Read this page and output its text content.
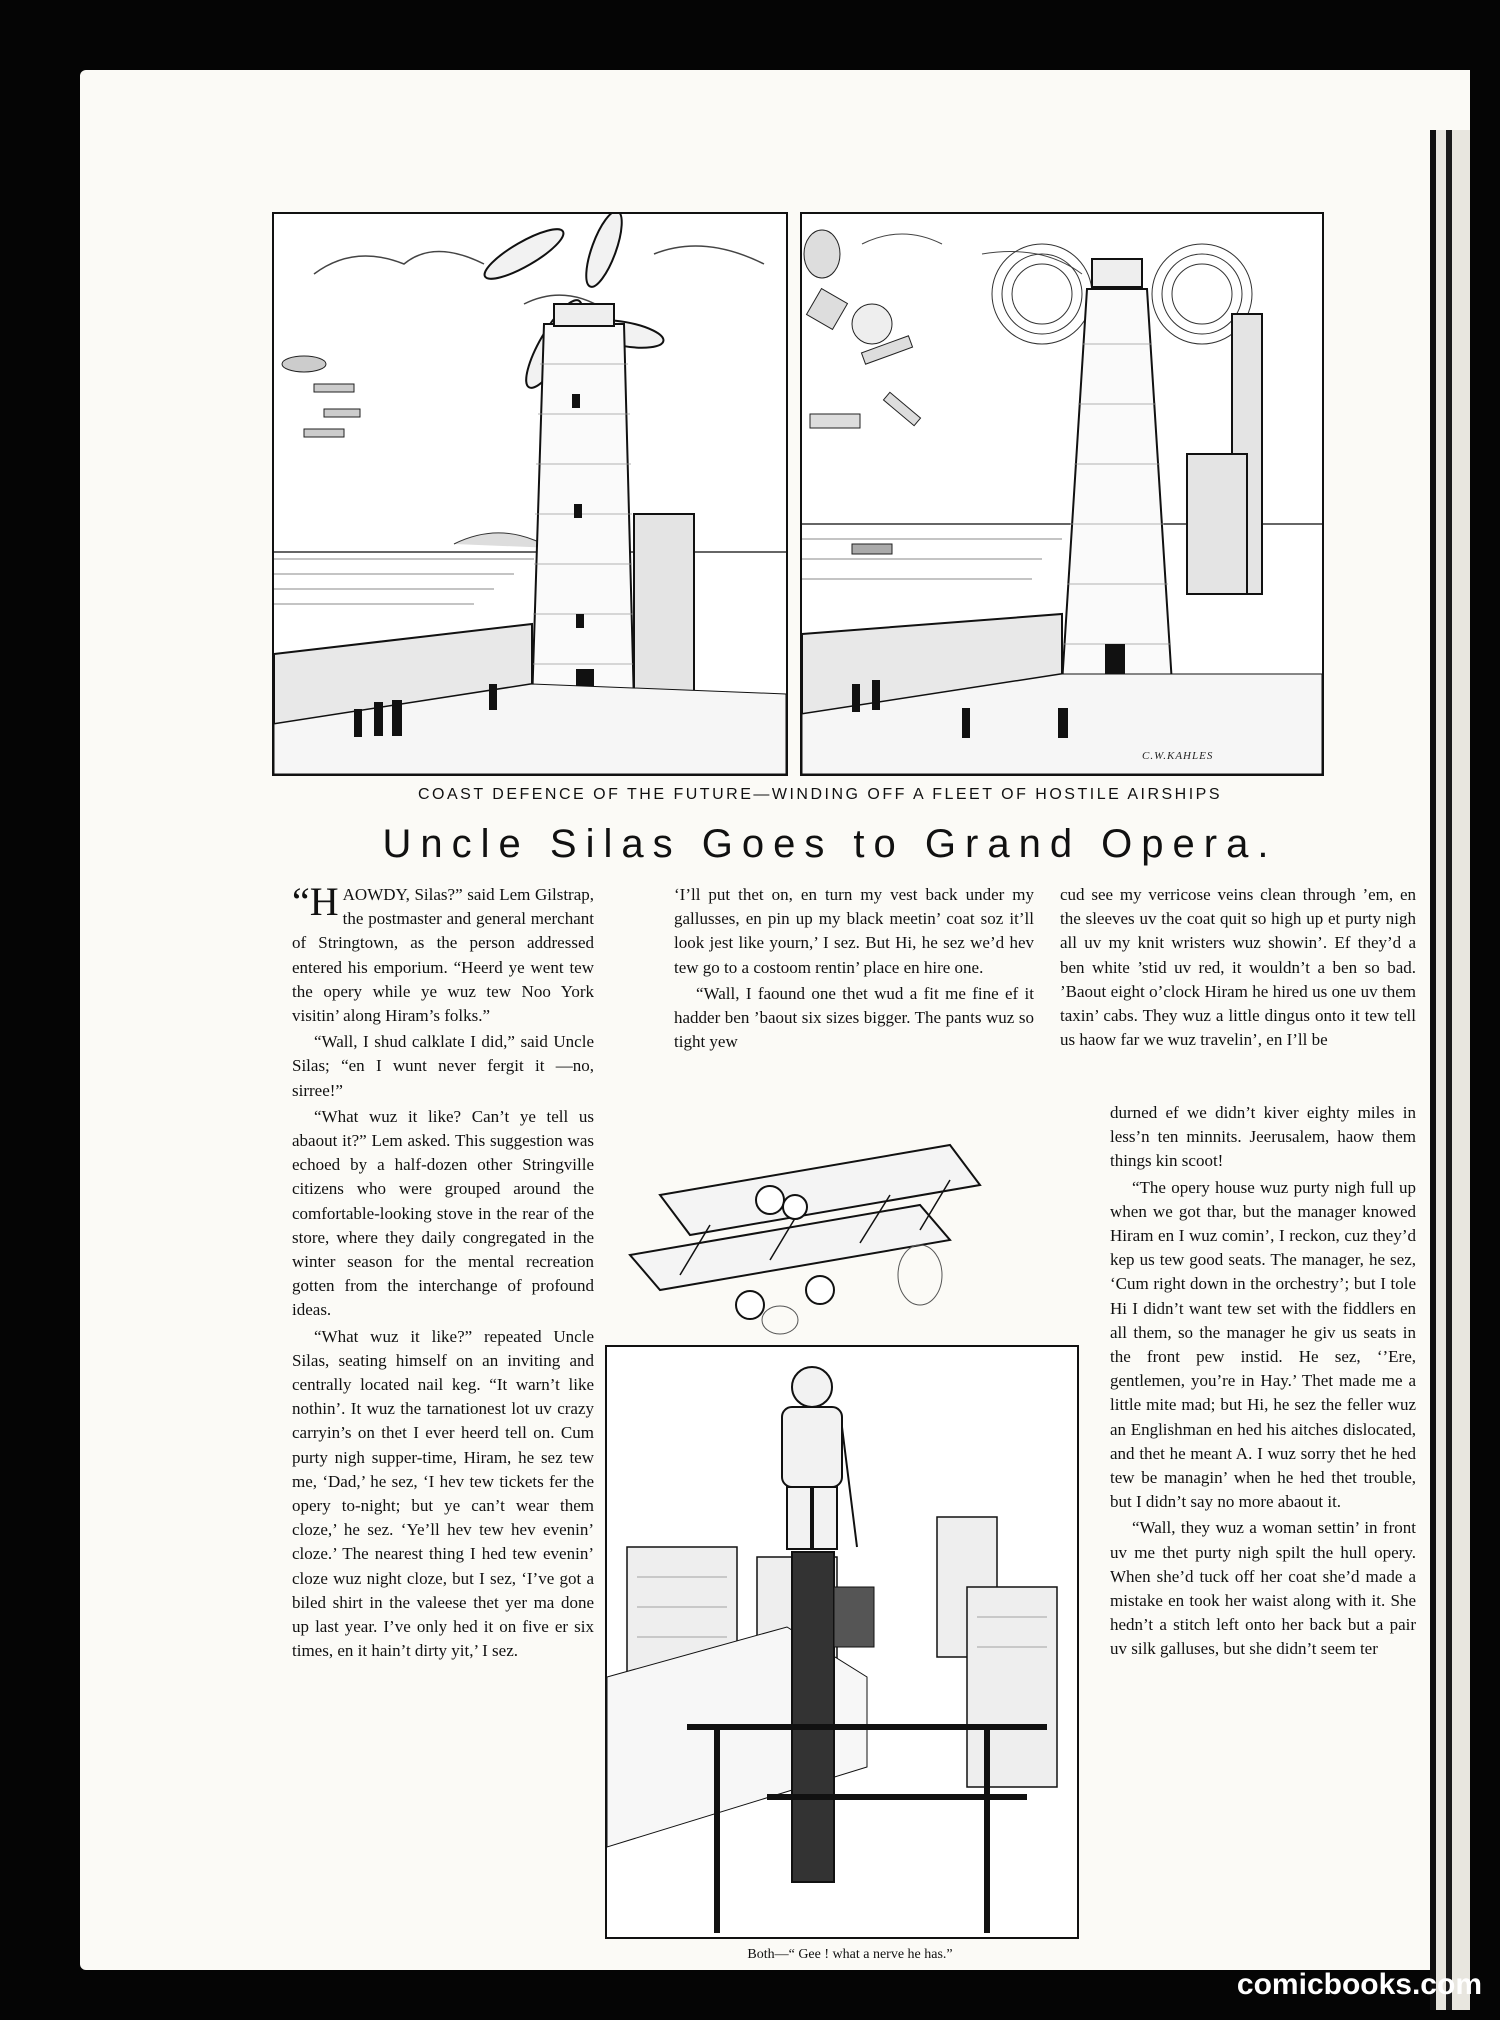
C.W.KAHLES
COAST DEFENCE OF THE FUTURE—WINDING OFF A FLEET OF HOSTILE AIRSHIPS
Uncle Silas Goes to Grand Opera.

“HAOWDY, Silas?” said Lem Gilstrap, the postmaster and general merchant of Stringtown, as the person addressed entered his emporium. “Heerd ye went tew the opery while ye wuz tew Noo York visitin’ along Hiram’s folks.”

“Wall, I shud calklate I did,” said Uncle Silas; “en I wunt never fergit it —no, sirree!”

“What wuz it like? Can’t ye tell us abaout it?” Lem asked. This suggestion was echoed by a half-dozen other Stringville citizens who were grouped around the comfortable-looking stove in the rear of the store, where they daily congregated in the winter season for the mental recreation gotten from the interchange of profound ideas.

“What wuz it like?” repeated Uncle Silas, seating himself on an inviting and centrally located nail keg. “It warn’t like nothin’. It wuz the tarnationest lot uv crazy carryin’s on thet I ever heerd tell on. Cum purty nigh supper-time, Hiram, he sez tew me, ‘Dad,’ he sez, ‘I hev tew tickets fer the opery to-night; but ye can’t wear them cloze,’ he sez. ‘Ye’ll hev tew hev evenin’ cloze.’ The nearest thing I hed tew evenin’ cloze wuz night cloze, but I sez, ‘I’ve got a biled shirt in the valeese thet yer ma done up last year. I’ve only hed it on five er six times, en it hain’t dirty yit,’ I sez.

‘I’ll put thet on, en turn my vest back under my gallusses, en pin up my black meetin’ coat soz it’ll look jest like yourn,’ I sez. But Hi, he sez we’d hev tew go to a costoom rentin’ place en hire one.

“Wall, I faound one thet wud a fit me fine ef it hadder ben ’baout six sizes bigger. The pants wuz so tight yew

cud see my verricose veins clean through ’em, en the sleeves uv the coat quit so high up et purty nigh all uv my knit wristers wuz showin’. Ef they’d a ben white ’stid uv red, it wouldn’t a ben so bad. ’Baout eight o’clock Hiram he hired us one uv them taxin’ cabs. They wuz a little dingus onto it tew tell us haow far we wuz travelin’, en I’ll be

durned ef we didn’t kiver eighty miles in less’n ten minnits. Jeerusalem, haow them things kin scoot!

“The opery house wuz purty nigh full up when we got thar, but the manager knowed Hiram en I wuz comin’, I reckon, cuz they’d kep us tew good seats. The manager, he sez, ‘Cum right down in the orchestry’; but I tole Hi I didn’t want tew set with the fiddlers en all them, so the manager he giv us seats in the front pew instid. He sez, ‘’Ere, gentlemen, you’re in Hay.’ Thet made me a little mite mad; but Hi, he sez the feller wuz an Englishman en hed his aitches dislocated, and thet he meant A. I wuz sorry thet he hed tew be managin’ when he hed thet trouble, but I didn’t say no more abaout it.

“Wall, they wuz a woman settin’ in front uv me thet purty nigh spilt the hull opery. When she’d tuck off her coat she’d made a mistake en took her waist along with it. She hedn’t a stitch left onto her back but a pair uv silk galluses, but she didn’t seem ter

Both—“ Gee ! what a nerve he has.”
comicbooks.com
